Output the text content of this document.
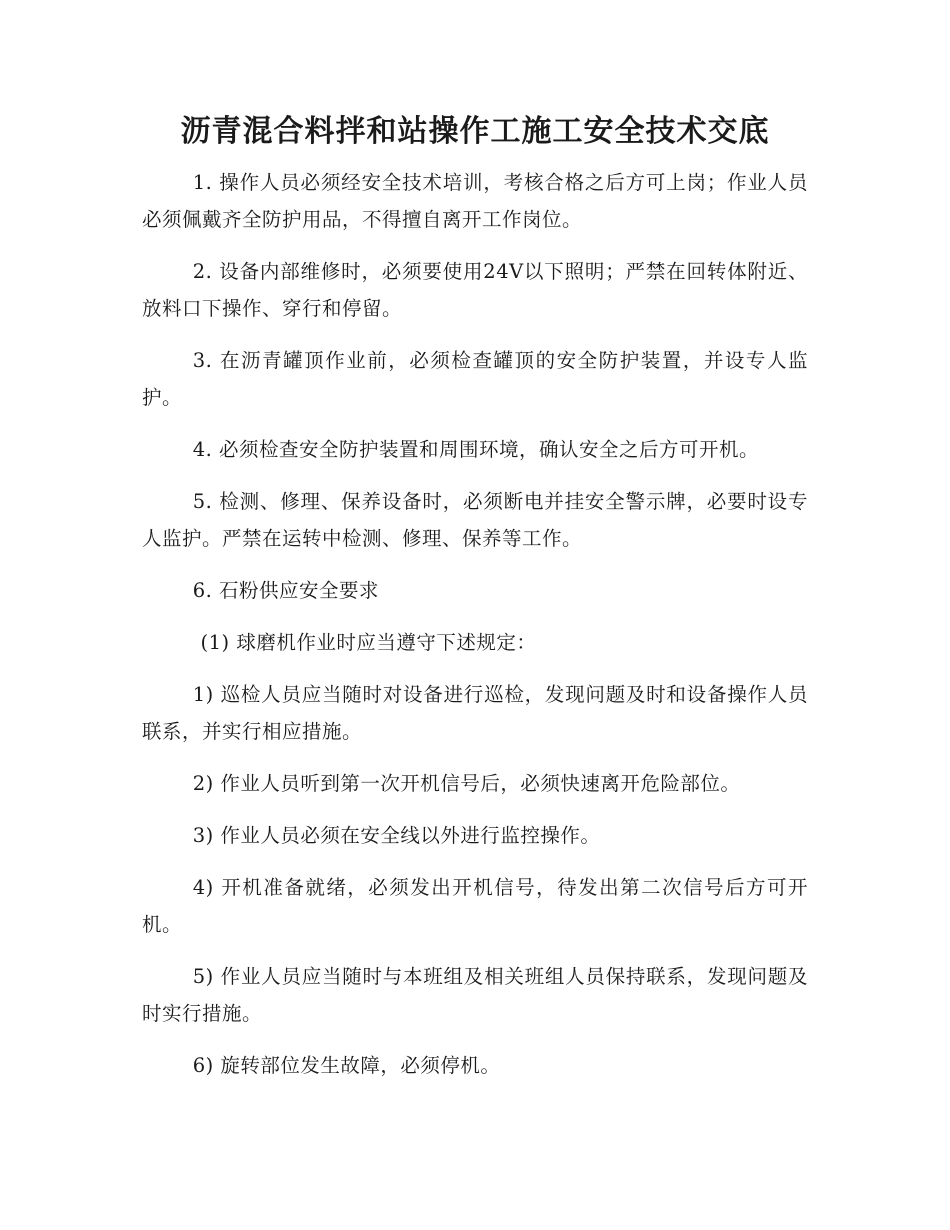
沥青混合料拌和站操作工施工安全技术交底

1. 操作人员必须经安全技术培训，考核合格之后方可上岗；作业人员必须佩戴齐全防护用品，不得擅自离开工作岗位。

2. 设备内部维修时，必须要使用24V以下照明；严禁在回转体附近、放料口下操作、穿行和停留。

3. 在沥青罐顶作业前，必须检查罐顶的安全防护装置，并设专人监护。

4. 必须检查安全防护装置和周围环境，确认安全之后方可开机。

5. 检测、修理、保养设备时，必须断电并挂安全警示牌，必要时设专人监护。严禁在运转中检测、修理、保养等工作。

6. 石粉供应安全要求

(1) 球磨机作业时应当遵守下述规定：

1) 巡检人员应当随时对设备进行巡检，发现问题及时和设备操作人员联系，并实行相应措施。

2) 作业人员听到第一次开机信号后，必须快速离开危险部位。

3) 作业人员必须在安全线以外进行监控操作。

4) 开机准备就绪，必须发出开机信号，待发出第二次信号后方可开机。

5) 作业人员应当随时与本班组及相关班组人员保持联系，发现问题及时实行措施。

6) 旋转部位发生故障，必须停机。
